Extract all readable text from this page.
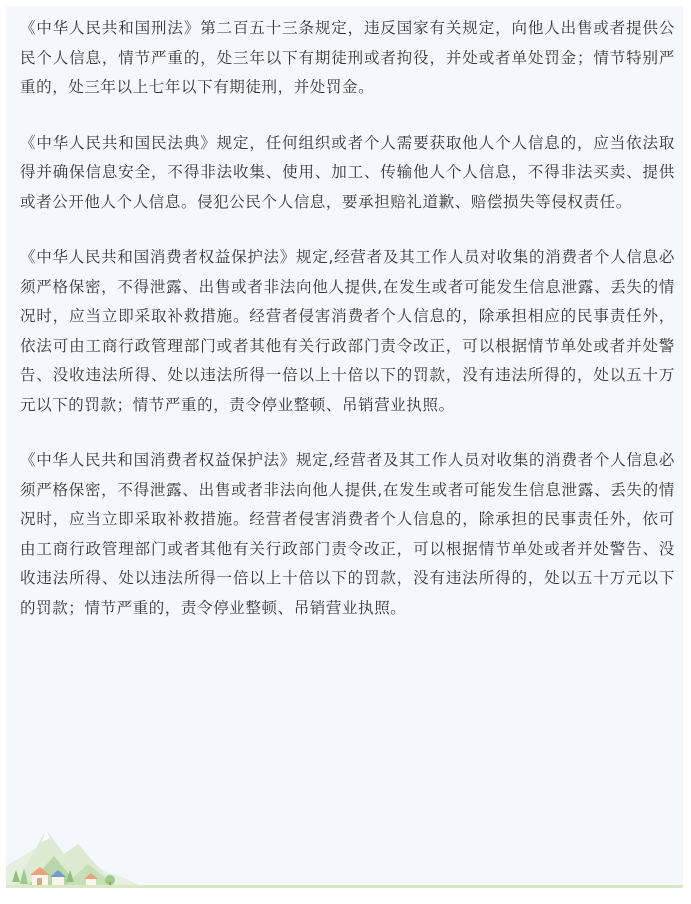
《中华人民共和国刑法》第二百五十三条规定，违反国家有关规定，向他人出售或者提供公民个人信息，情节严重的，处三年以下有期徒刑或者拘役，并处或者单处罚金；情节特别严重的，处三年以上七年以下有期徒刑，并处罚金。

《中华人民共和国民法典》规定，任何组织或者个人需要获取他人个人信息的，应当依法取得并确保信息安全，不得非法收集、使用、加工、传输他人个人信息，不得非法买卖、提供或者公开他人个人信息。侵犯公民个人信息，要承担赔礼道歉、赔偿损失等侵权责任。

《中华人民共和国消费者权益保护法》规定,经营者及其工作人员对收集的消费者个人信息必须严格保密，不得泄露、出售或者非法向他人提供,在发生或者可能发生信息泄露、丢失的情况时，应当立即采取补救措施。经营者侵害消费者个人信息的，除承担相应的民事责任外，依法可由工商行政管理部门或者其他有关行政部门责令改正，可以根据情节单处或者并处警告、没收违法所得、处以违法所得一倍以上十倍以下的罚款，没有违法所得的，处以五十万元以下的罚款；情节严重的，责令停业整顿、吊销营业执照。

《中华人民共和国消费者权益保护法》规定,经营者及其工作人员对收集的消费者个人信息必须严格保密，不得泄露、出售或者非法向他人提供,在发生或者可能发生信息泄露、丢失的情况时，应当立即采取补救措施。经营者侵害消费者个人信息的，除承担的民事责任外，依可由工商行政管理部门或者其他有关行政部门责令改正，可以根据情节单处或者并处警告、没收违法所得、处以违法所得一倍以上十倍以下的罚款，没有违法所得的，处以五十万元以下的罚款；情节严重的，责令停业整顿、吊销营业执照。
